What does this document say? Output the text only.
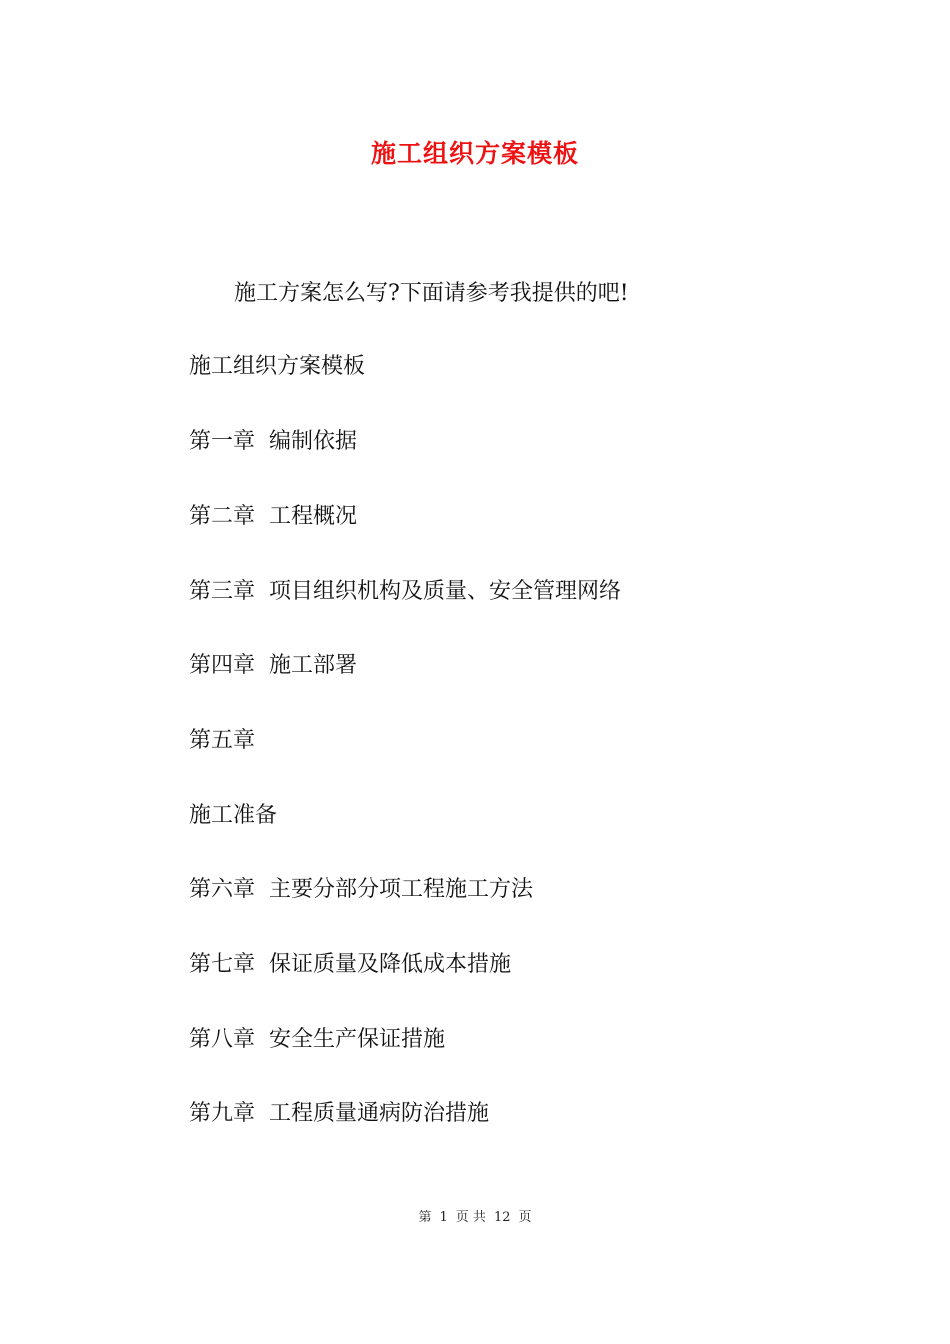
施工组织方案模板
施工方案怎么写?下面请参考我提供的吧!
施工组织方案模板
第一章 编制依据
第二章 工程概况
第三章 项目组织机构及质量、安全管理网络
第四章 施工部署
第五章
施工准备
第六章 主要分部分项工程施工方法
第七章 保证质量及降低成本措施
第八章 安全生产保证措施
第九章 工程质量通病防治措施
第 1 页 共 12 页
